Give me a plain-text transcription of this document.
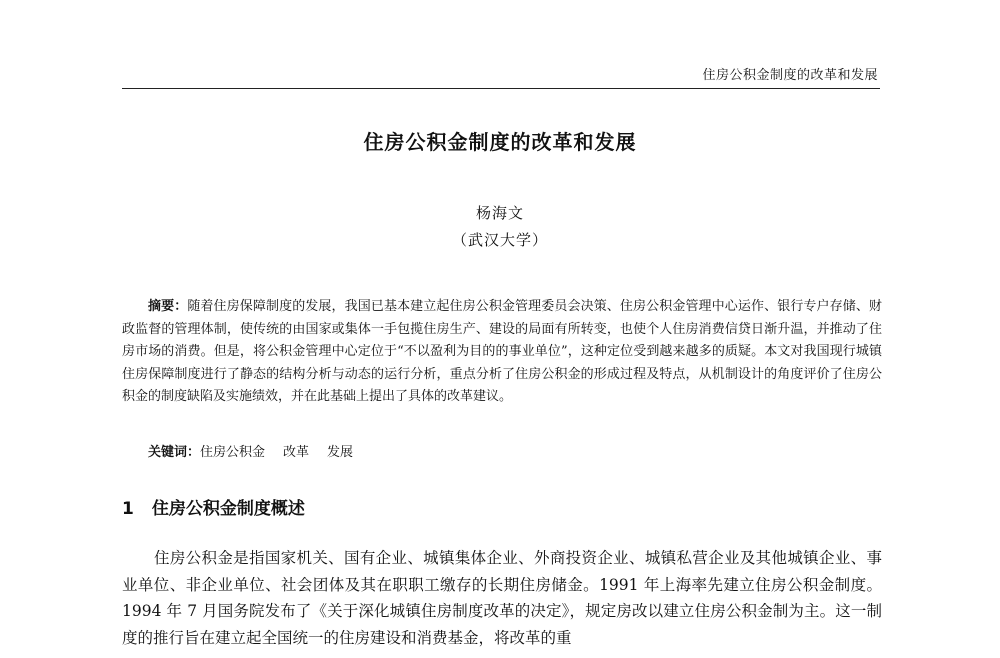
住房公积金制度的改革和发展
住房公积金制度的改革和发展
杨海文
（武汉大学）

摘要：随着住房保障制度的发展，我国已基本建立起住房公积金管理委员会决策、住房公积金管理中心运作、银行专户存储、财政监督的管理体制，使传统的由国家或集体一手包揽住房生产、建设的局面有所转变，也使个人住房消费信贷日渐升温，并推动了住房市场的消费。但是，将公积金管理中心定位于“不以盈利为目的的事业单位”，这种定位受到越来越多的质疑。本文对我国现行城镇住房保障制度进行了静态的结构分析与动态的运行分析，重点分析了住房公积金的形成过程及特点，从机制设计的角度评价了住房公积金的制度缺陷及实施绩效，并在此基础上提出了具体的改革建议。

关键词：住房公积金 改革 发展

1 住房公积金制度概述

住房公积金是指国家机关、国有企业、城镇集体企业、外商投资企业、城镇私营企业及其他城镇企业、事业单位、非企业单位、社会团体及其在职职工缴存的长期住房储金。1991 年上海率先建立住房公积金制度。1994 年 7 月国务院发布了《关于深化城镇住房制度改革的决定》，规定房改以建立住房公积金制为主。这一制度的推行旨在建立起全国统一的住房建设和消费基金，将改革的重
